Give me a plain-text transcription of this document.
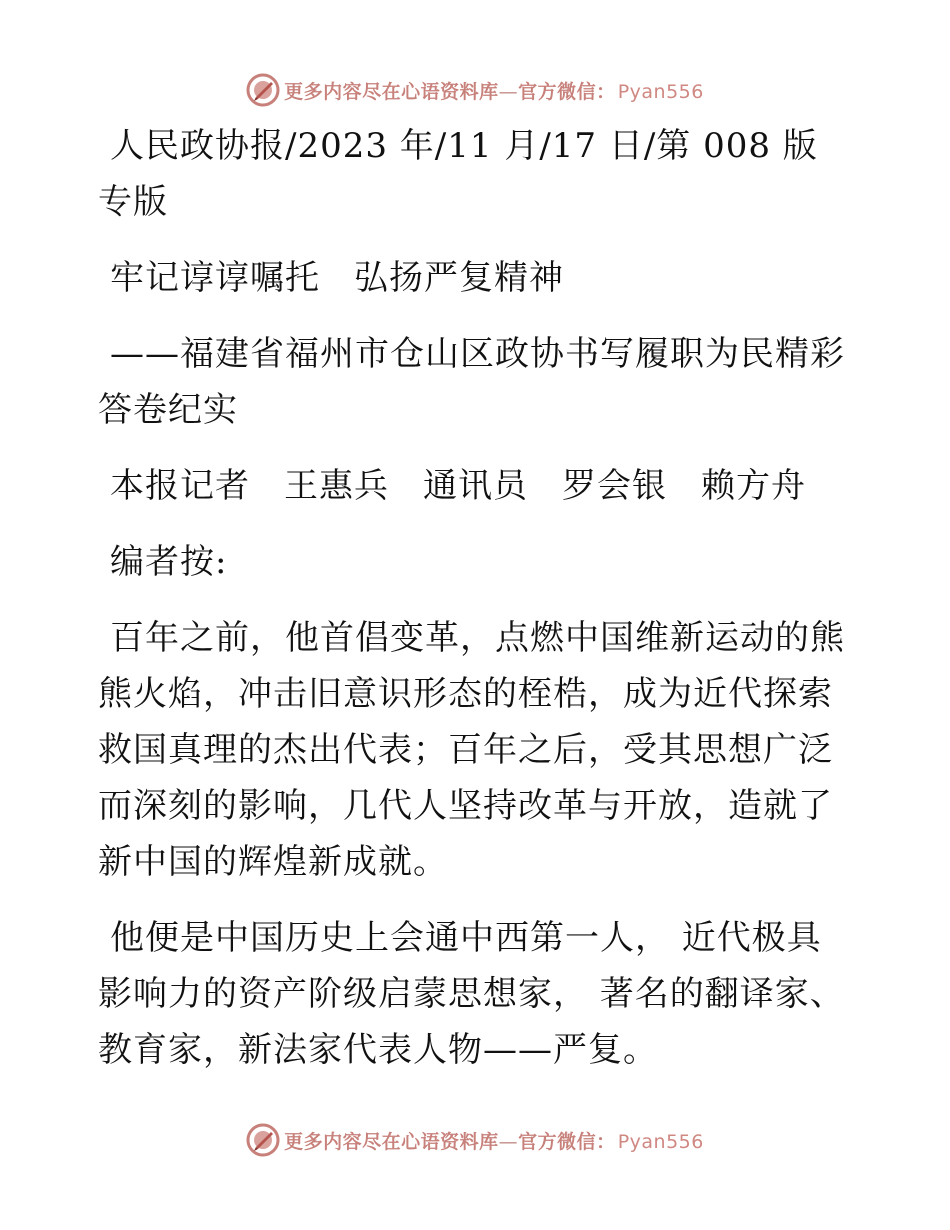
更多内容尽在心语资料库—官方微信： Pyan556

人民政协报/2023 年/11 月/17 日/第 008 版专版

牢记谆谆嘱托 弘扬严复精神

——福建省福州市仓山区政协书写履职为民精彩答卷纪实

本报记者 王惠兵 通讯员 罗会银 赖方舟

编者按:

百年之前，他首倡变革，点燃中国维新运动的熊熊火焰，冲击旧意识形态的桎梏，成为近代探索救国真理的杰出代表；百年之后，受其思想广泛而深刻的影响，几代人坚持改革与开放，造就了新中国的辉煌新成就。

他便是中国历史上会通中西第一人， 近代极具影响力的资产阶级启蒙思想家， 著名的翻译家、教育家，新法家代表人物——严复。

更多内容尽在心语资料库—官方微信： Pyan556
